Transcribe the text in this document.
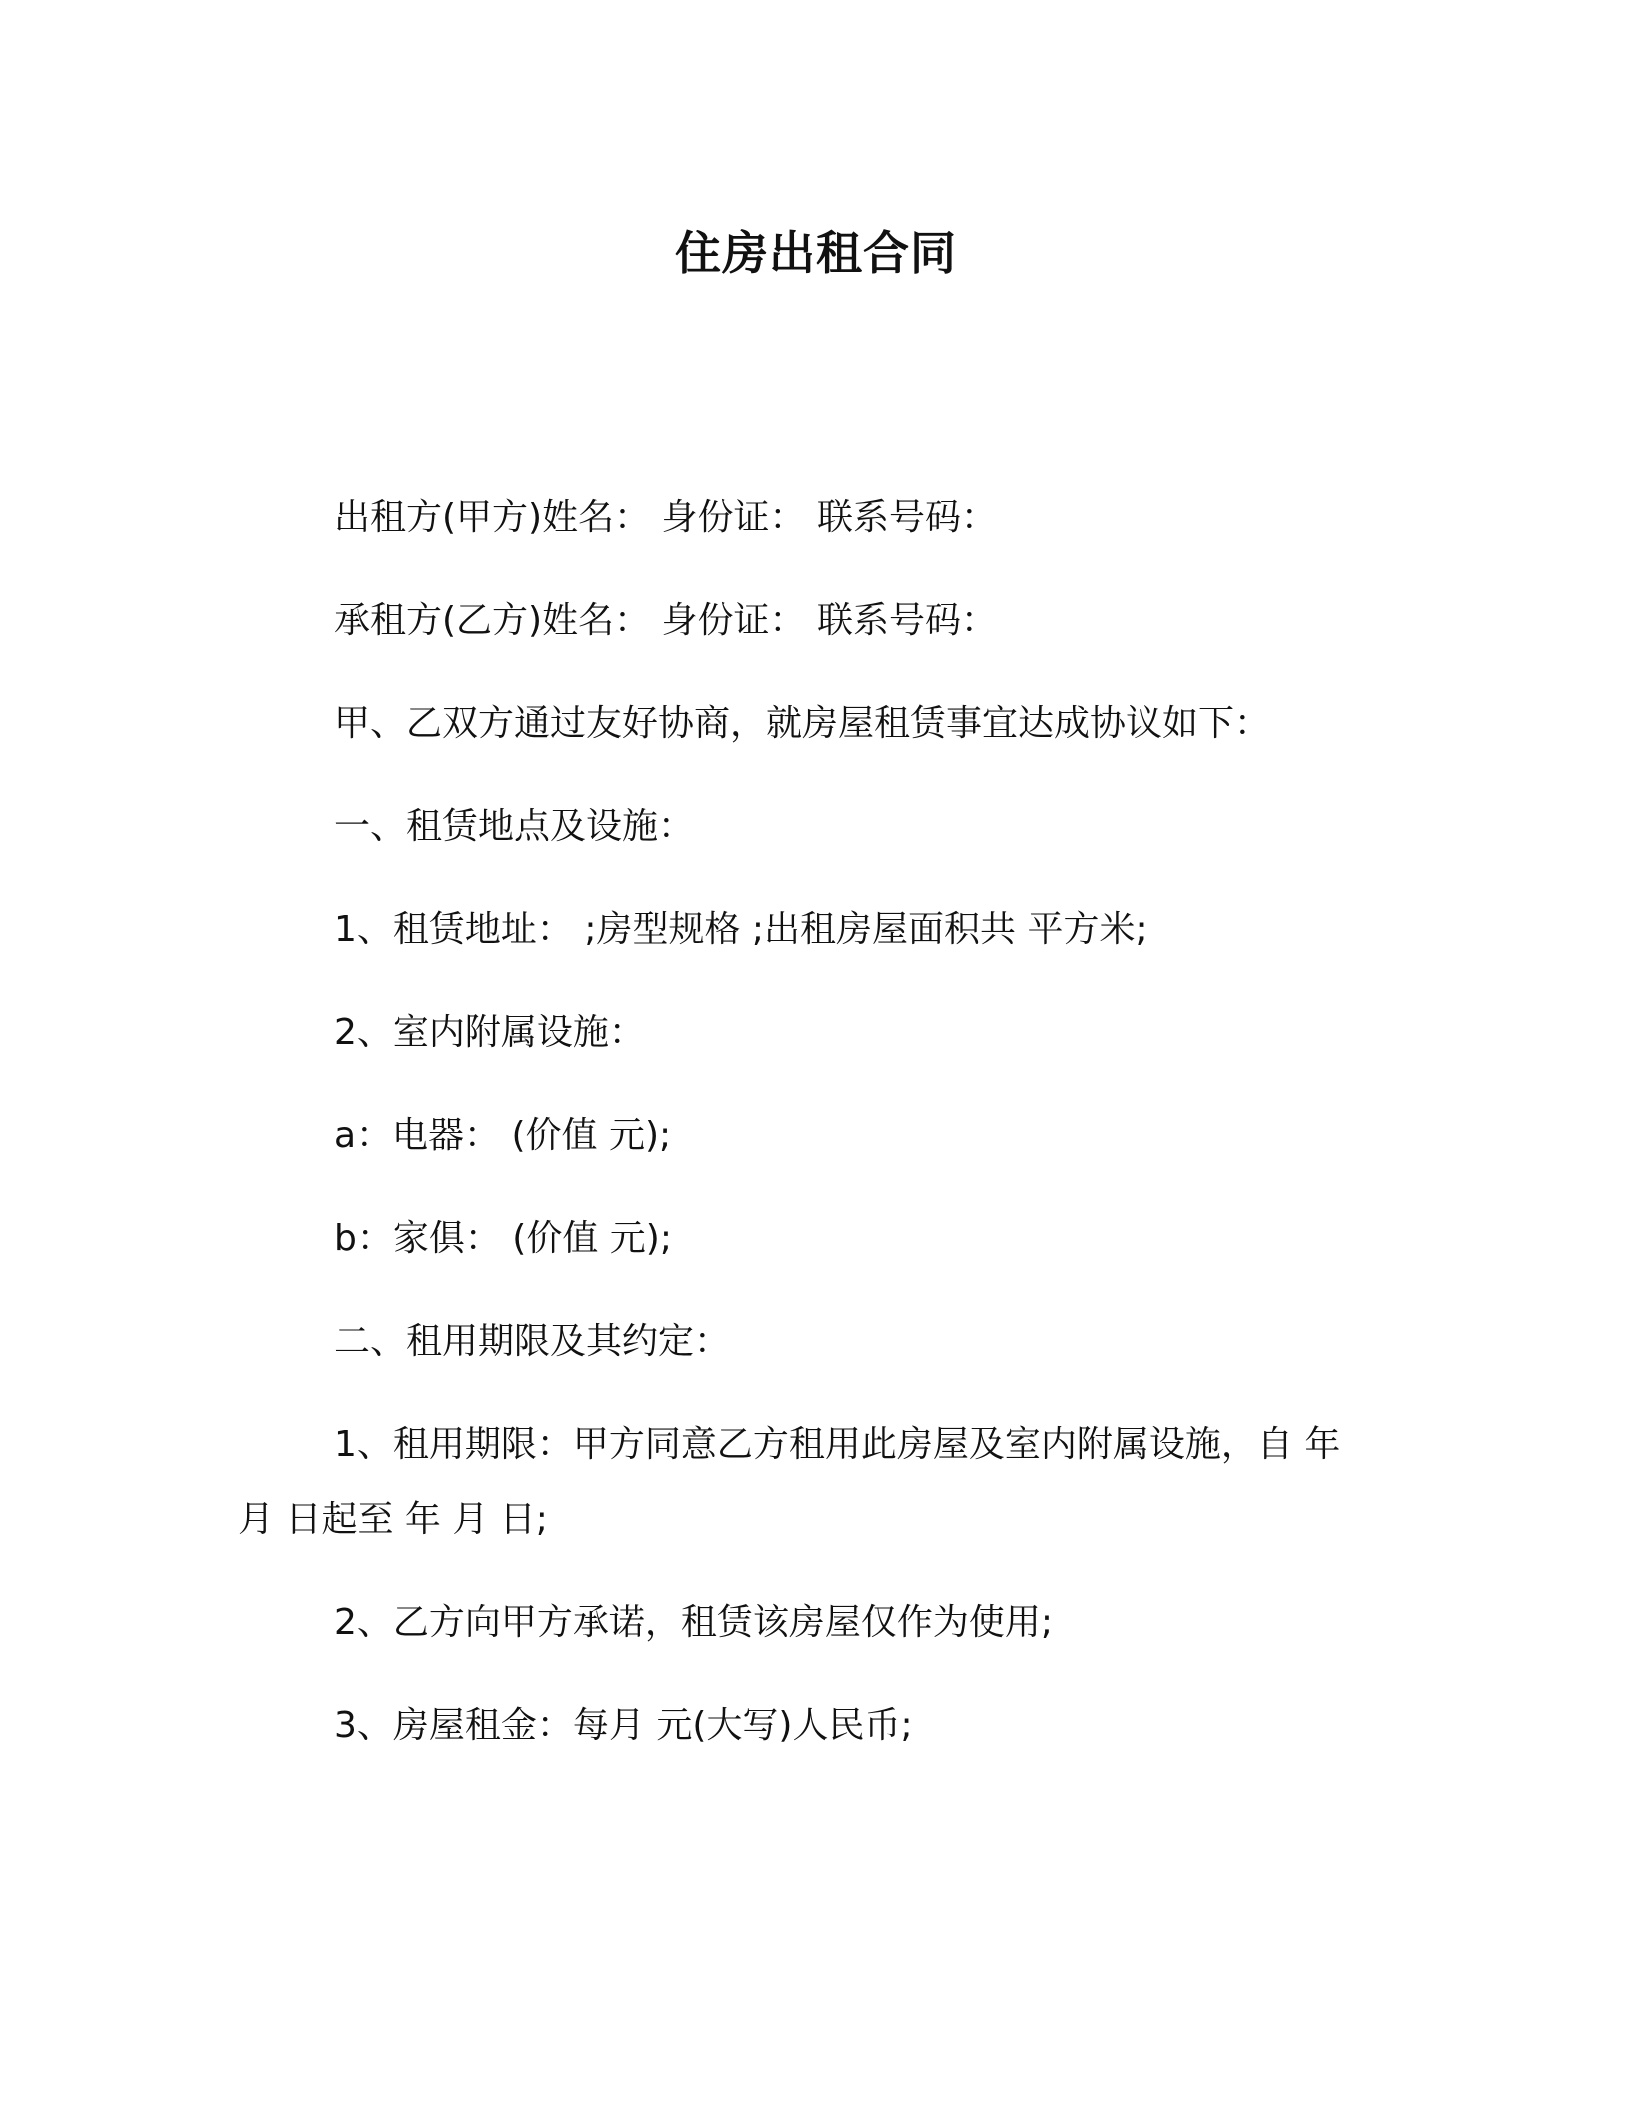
住房出租合同
出租方(甲方)姓名： 身份证： 联系号码：
承租方(乙方)姓名： 身份证： 联系号码：
甲、乙双方通过友好协商，就房屋租赁事宜达成协议如下：
一、租赁地点及设施：
1、租赁地址： ;房型规格 ;出租房屋面积共 平方米;
2、室内附属设施：
a：电器： (价值 元);
b：家俱： (价值 元);
二、租用期限及其约定：
1、租用期限：甲方同意乙方租用此房屋及室内附属设施，自 年
月 日起至 年 月 日;
2、乙方向甲方承诺，租赁该房屋仅作为使用;
3、房屋租金：每月 元(大写)人民币;
